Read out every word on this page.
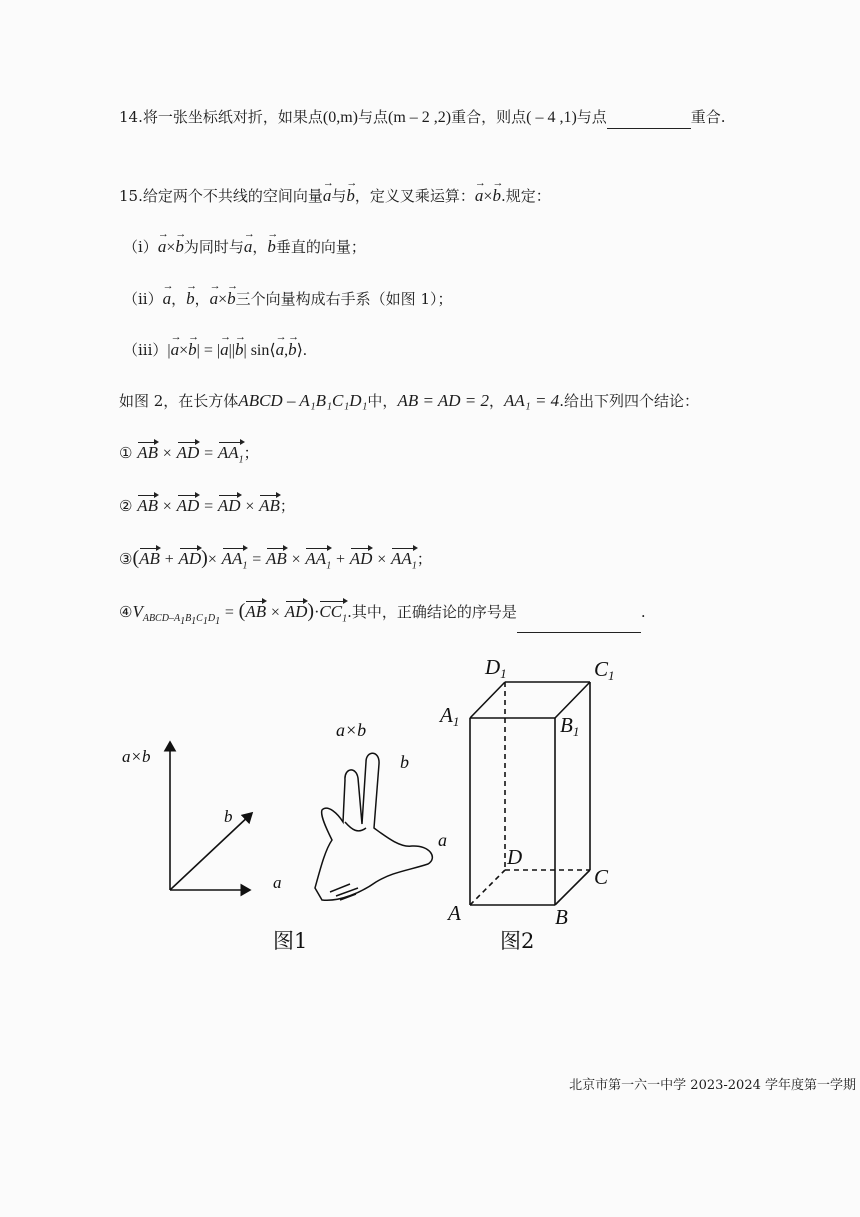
14.将一张坐标纸对折，如果点(0,m)与点(m – 2 ,2)重合，则点( – 4 ,1)与点	重合.
15.给定两个不共线的空间向量a →与b →，定义叉乘运算：a →×b →.规定：
（i）a →×b →为同时与a →，b →垂直的向量；
（ii）a →，b →，a →×b →三个向量构成右手系（如图 1）；
（iii）|a →×b →| = |a →||b →| sin⟨a →,b →⟩.
如图 2，在长方体ABCD – A₁B₁C₁D₁中，AB = AD = 2，AA₁ = 4.给出下列四个结论：
① AB × AD = $AA_1$；
② AB × AD = AD × AB；
③(AB + $AD)\times AA_1$ = AB × $AA_1$ + AD × $AA_1$；
$④V_{ABCD-A_1B_1C_1D_1} = (AB \times AD)\cdot CC_1$.其中，正确结论的序号是	.
a×b
b
a
a×b
b
a
图1
D1	C1
A1	B1
D
C
A	B
图2
北京市第一六一中学 2023-2024 学年度第一学期
